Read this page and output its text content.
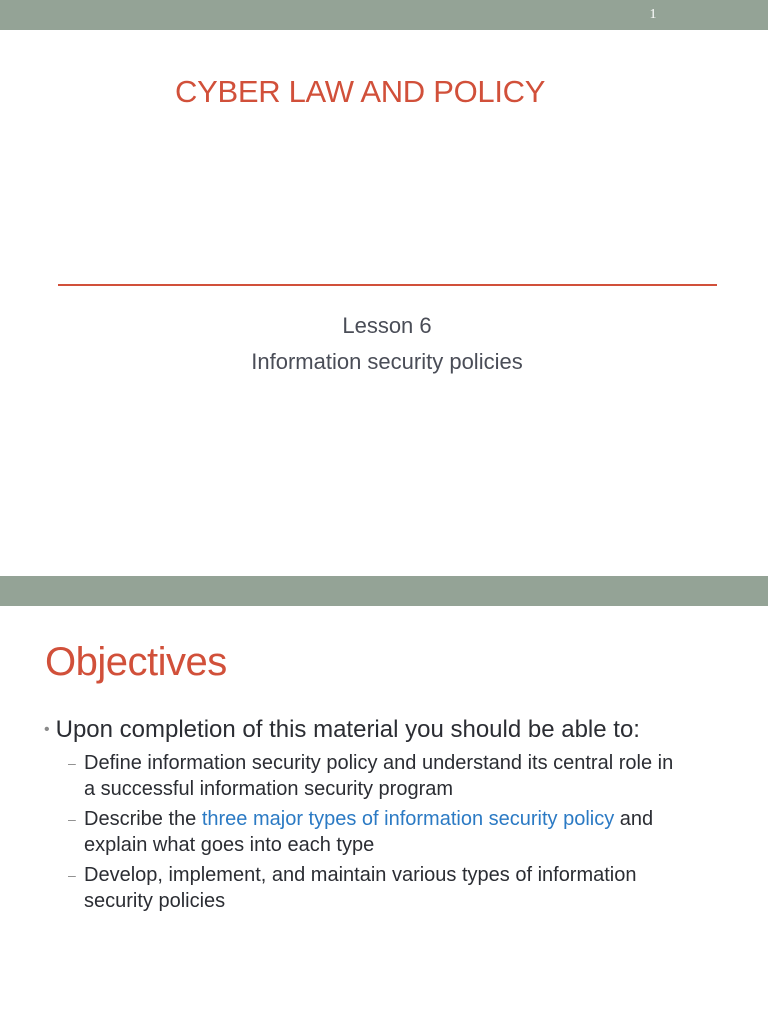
1
CYBER LAW AND POLICY
Lesson 6
Information security policies
Objectives
• Upon completion of this material you should be able to:
– Define information security policy and understand its central role in
a successful information security program
– Describe the three major types of information security policy and
explain what goes into each type
– Develop, implement, and maintain various types of information
security policies
